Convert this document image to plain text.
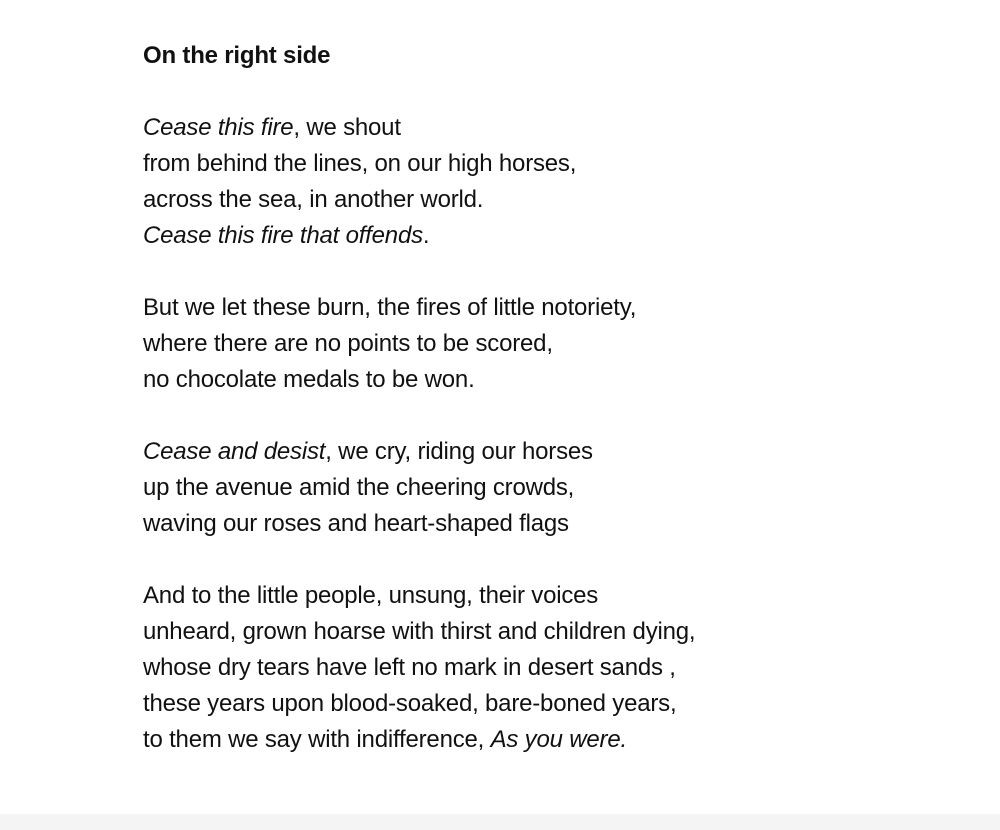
On the right side
Cease this fire, we shout
from behind the lines, on our high horses,
across the sea, in another world.
Cease this fire that offends.
But we let these burn, the fires of little notoriety,
where there are no points to be scored,
no chocolate medals to be won.
Cease and desist, we cry, riding our horses
up the avenue amid the cheering crowds,
waving our roses and heart-shaped flags
And to the little people, unsung, their voices
unheard, grown hoarse with thirst and children dying,
whose dry tears have left no mark in desert sands ,
these years upon blood-soaked, bare-boned years,
to them we say with indifference, As you were.
